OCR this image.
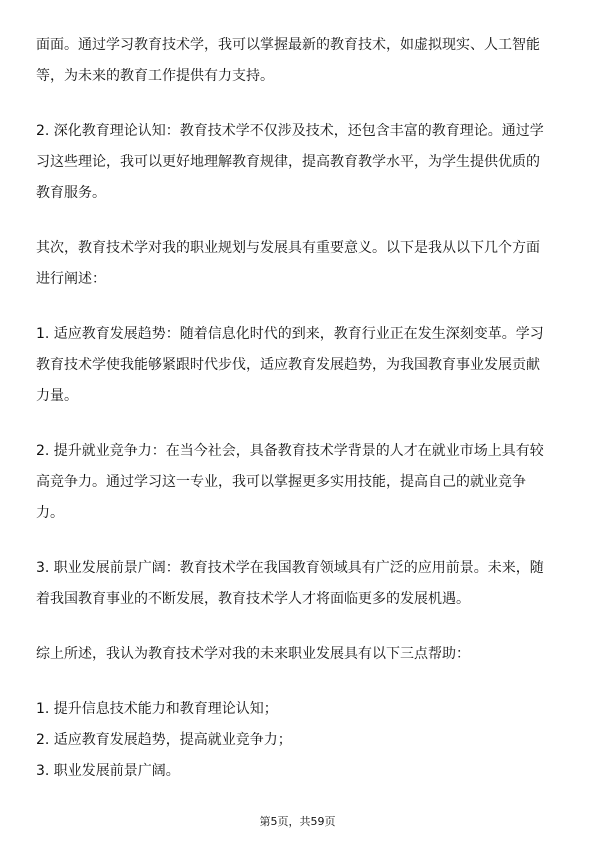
面面。通过学习教育技术学，我可以掌握最新的教育技术，如虚拟现实、人工智能
等，为未来的教育工作提供有力支持。
2. 深化教育理论认知：教育技术学不仅涉及技术，还包含丰富的教育理论。通过学
习这些理论，我可以更好地理解教育规律，提高教育教学水平，为学生提供优质的
教育服务。
其次，教育技术学对我的职业规划与发展具有重要意义。以下是我从以下几个方面
进行阐述：
1. 适应教育发展趋势：随着信息化时代的到来，教育行业正在发生深刻变革。学习
教育技术学使我能够紧跟时代步伐，适应教育发展趋势，为我国教育事业发展贡献
力量。
2. 提升就业竞争力：在当今社会，具备教育技术学背景的人才在就业市场上具有较
高竞争力。通过学习这一专业，我可以掌握更多实用技能，提高自己的就业竞争
力。
3. 职业发展前景广阔：教育技术学在我国教育领域具有广泛的应用前景。未来，随
着我国教育事业的不断发展，教育技术学人才将面临更多的发展机遇。
综上所述，我认为教育技术学对我的未来职业发展具有以下三点帮助：
1. 提升信息技术能力和教育理论认知；
2. 适应教育发展趋势，提高就业竞争力；
3. 职业发展前景广阔。
第5页，共59页
